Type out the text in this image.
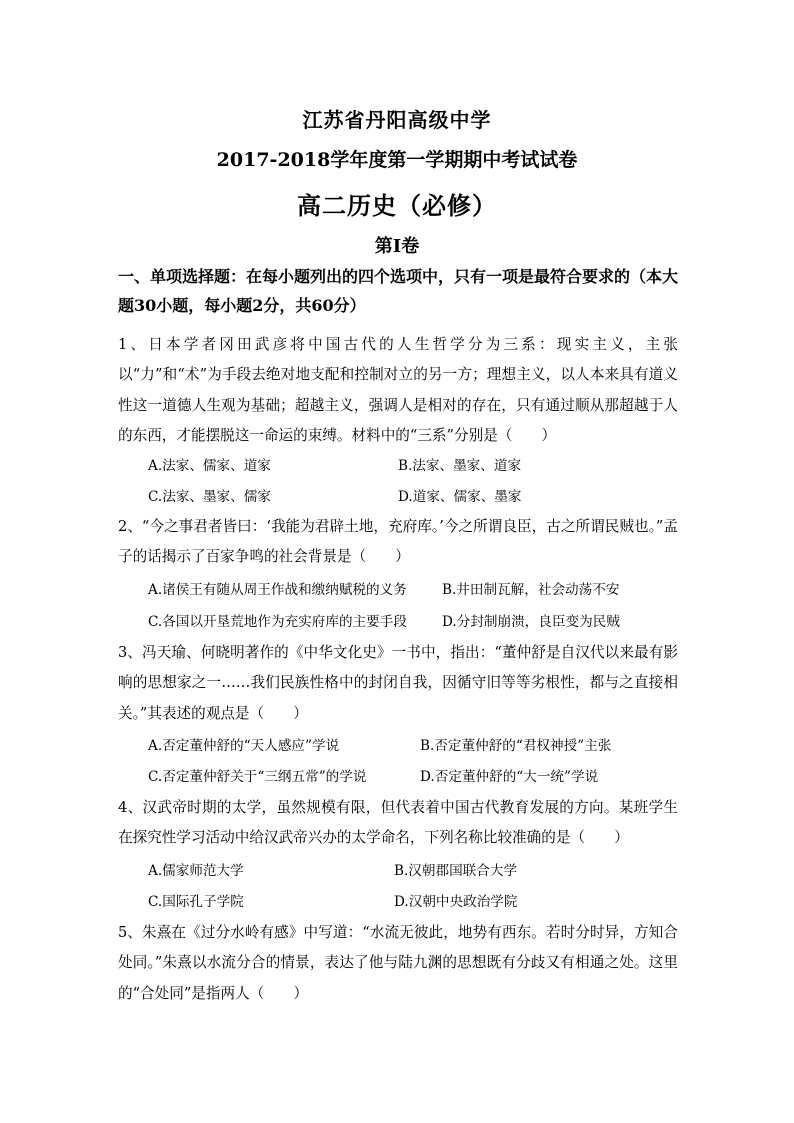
江苏省丹阳高级中学
2017-2018学年度第一学期期中考试试卷
高二历史（必修）
第Ⅰ卷
一、单项选择题：在每小题列出的四个选项中，只有一项是最符合要求的（本大题30小题，每小题2分，共60分）
1、日本学者冈田武彦将中国古代的人生哲学分为三系：现实主义，主张以“力”和“术”为手段去绝对地支配和控制对立的另一方；理想主义，以人本来具有道义性这一道德人生观为基础；超越主义，强调人是相对的存在，只有通过顺从那超越于人的东西，才能摆脱这一命运的束缚。材料中的“三系”分别是（　　）
A.法家、儒家、道家	B.法家、墨家、道家
C.法家、墨家、儒家	D.道家、儒家、墨家
2、“今之事君者皆曰：‘我能为君辟土地，充府库。’今之所谓良臣，古之所谓民贼也。”孟子的话揭示了百家争鸣的社会背景是（　　）
A.诸侯王有随从周王作战和缴纳赋税的义务	B.井田制瓦解，社会动荡不安
C.各国以开垦荒地作为充实府库的主要手段	D.分封制崩溃，良臣变为民贼
3、冯天瑜、何晓明著作的《中华文化史》一书中，指出：“董仲舒是自汉代以来最有影响的思想家之一……我们民族性格中的封闭自我，因循守旧等等劣根性，都与之直接相关。”其表述的观点是（　　）
A.否定董仲舒的“天人感应”学说	B.否定董仲舒的“君权神授”主张
C.否定董仲舒关于“三纲五常”的学说	D.否定董仲舒的“大一统”学说
4、汉武帝时期的太学，虽然规模有限，但代表着中国古代教育发展的方向。某班学生在探究性学习活动中给汉武帝兴办的太学命名，下列名称比较准确的是（　　）
A.儒家师范大学	B.汉朝郡国联合大学
C.国际孔子学院	D.汉朝中央政治学院
5、朱熹在《过分水岭有感》中写道：“水流无彼此，地势有西东。若时分时异，方知合处同。”朱熹以水流分合的情景，表达了他与陆九渊的思想既有分歧又有相通之处。这里的“合处同”是指两人（　　）
